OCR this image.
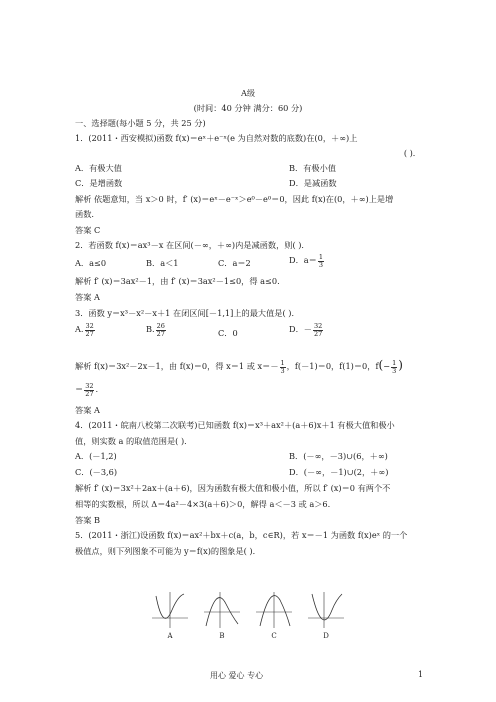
A级
(时间：40 分钟 满分：60 分)
一、选择题(每小题 5 分，共 25 分)
1．(2011・西安模拟)函数 f(x)＝eˣ＋e⁻ˣ(e 为自然对数的底数)在(0，＋∞)上
( )．
A．有极大值	B．有极小值
C．是增函数	D．是减函数
解析 依题意知，当 x＞0 时，f′ (x)＝eˣ－e⁻ˣ＞e⁰－e⁰＝0，因此 f(x)在(0，＋∞)上是增
函数.
答案 C
2．若函数 f(x)＝ax³－x 在区间(－∞，＋∞)内是减函数，则( )．
A．a≤0	B．a＜1	C．a＝2	D．$a= \frac{1}{3}$
解析 f′ (x)＝3ax²－1，由 f′ (x)＝3ax²－1≤0，得 a≤0.
答案 A
3．函数 y＝x³－x²－x＋1 在闭区间[－1,1]上的最大值是( )．
A. $\frac{32}{27}$	B. $\frac{26}{27}$	C．0	D．－ $\frac{32}{27}$
解析 f(x)＝3x²－2x－1，由 f(x)＝0，得 x＝1 或 $x=- \frac{1}{3}$ ，f(－1)＝0，f(1)＝0，$f(- \frac{1}{3}$ )
＝ $\frac{32}{27}$ .
答案 A
4．(2011・皖南八校第二次联考)已知函数 f(x)＝x³＋ax²＋(a＋6)x＋1 有极大值和极小
值，则实数 a 的取值范围是( )．
A．(－1,2)	B．(－∞，－3)∪(6，＋∞)
C．(－3,6)	D．(－∞，－1)∪(2，＋∞)
解析 f′ (x)＝3x²＋2ax＋(a＋6)，因为函数有极大值和极小值，所以 f′ (x)＝0 有两个不
相等的实数根，所以 Δ＝4a²－4×3(a＋6)＞0，解得 a＜－3 或 a＞6.
答案 B
5．(2011・浙江)设函数 f(x)＝ax²＋bx＋c(a，b，c∈R)，若 x＝－1 为函数 f(x)eˣ 的一个
极值点，则下列图象不可能为 y＝f(x)的图象是( )．
A	B	C	D
用心 爱心 专心	1
